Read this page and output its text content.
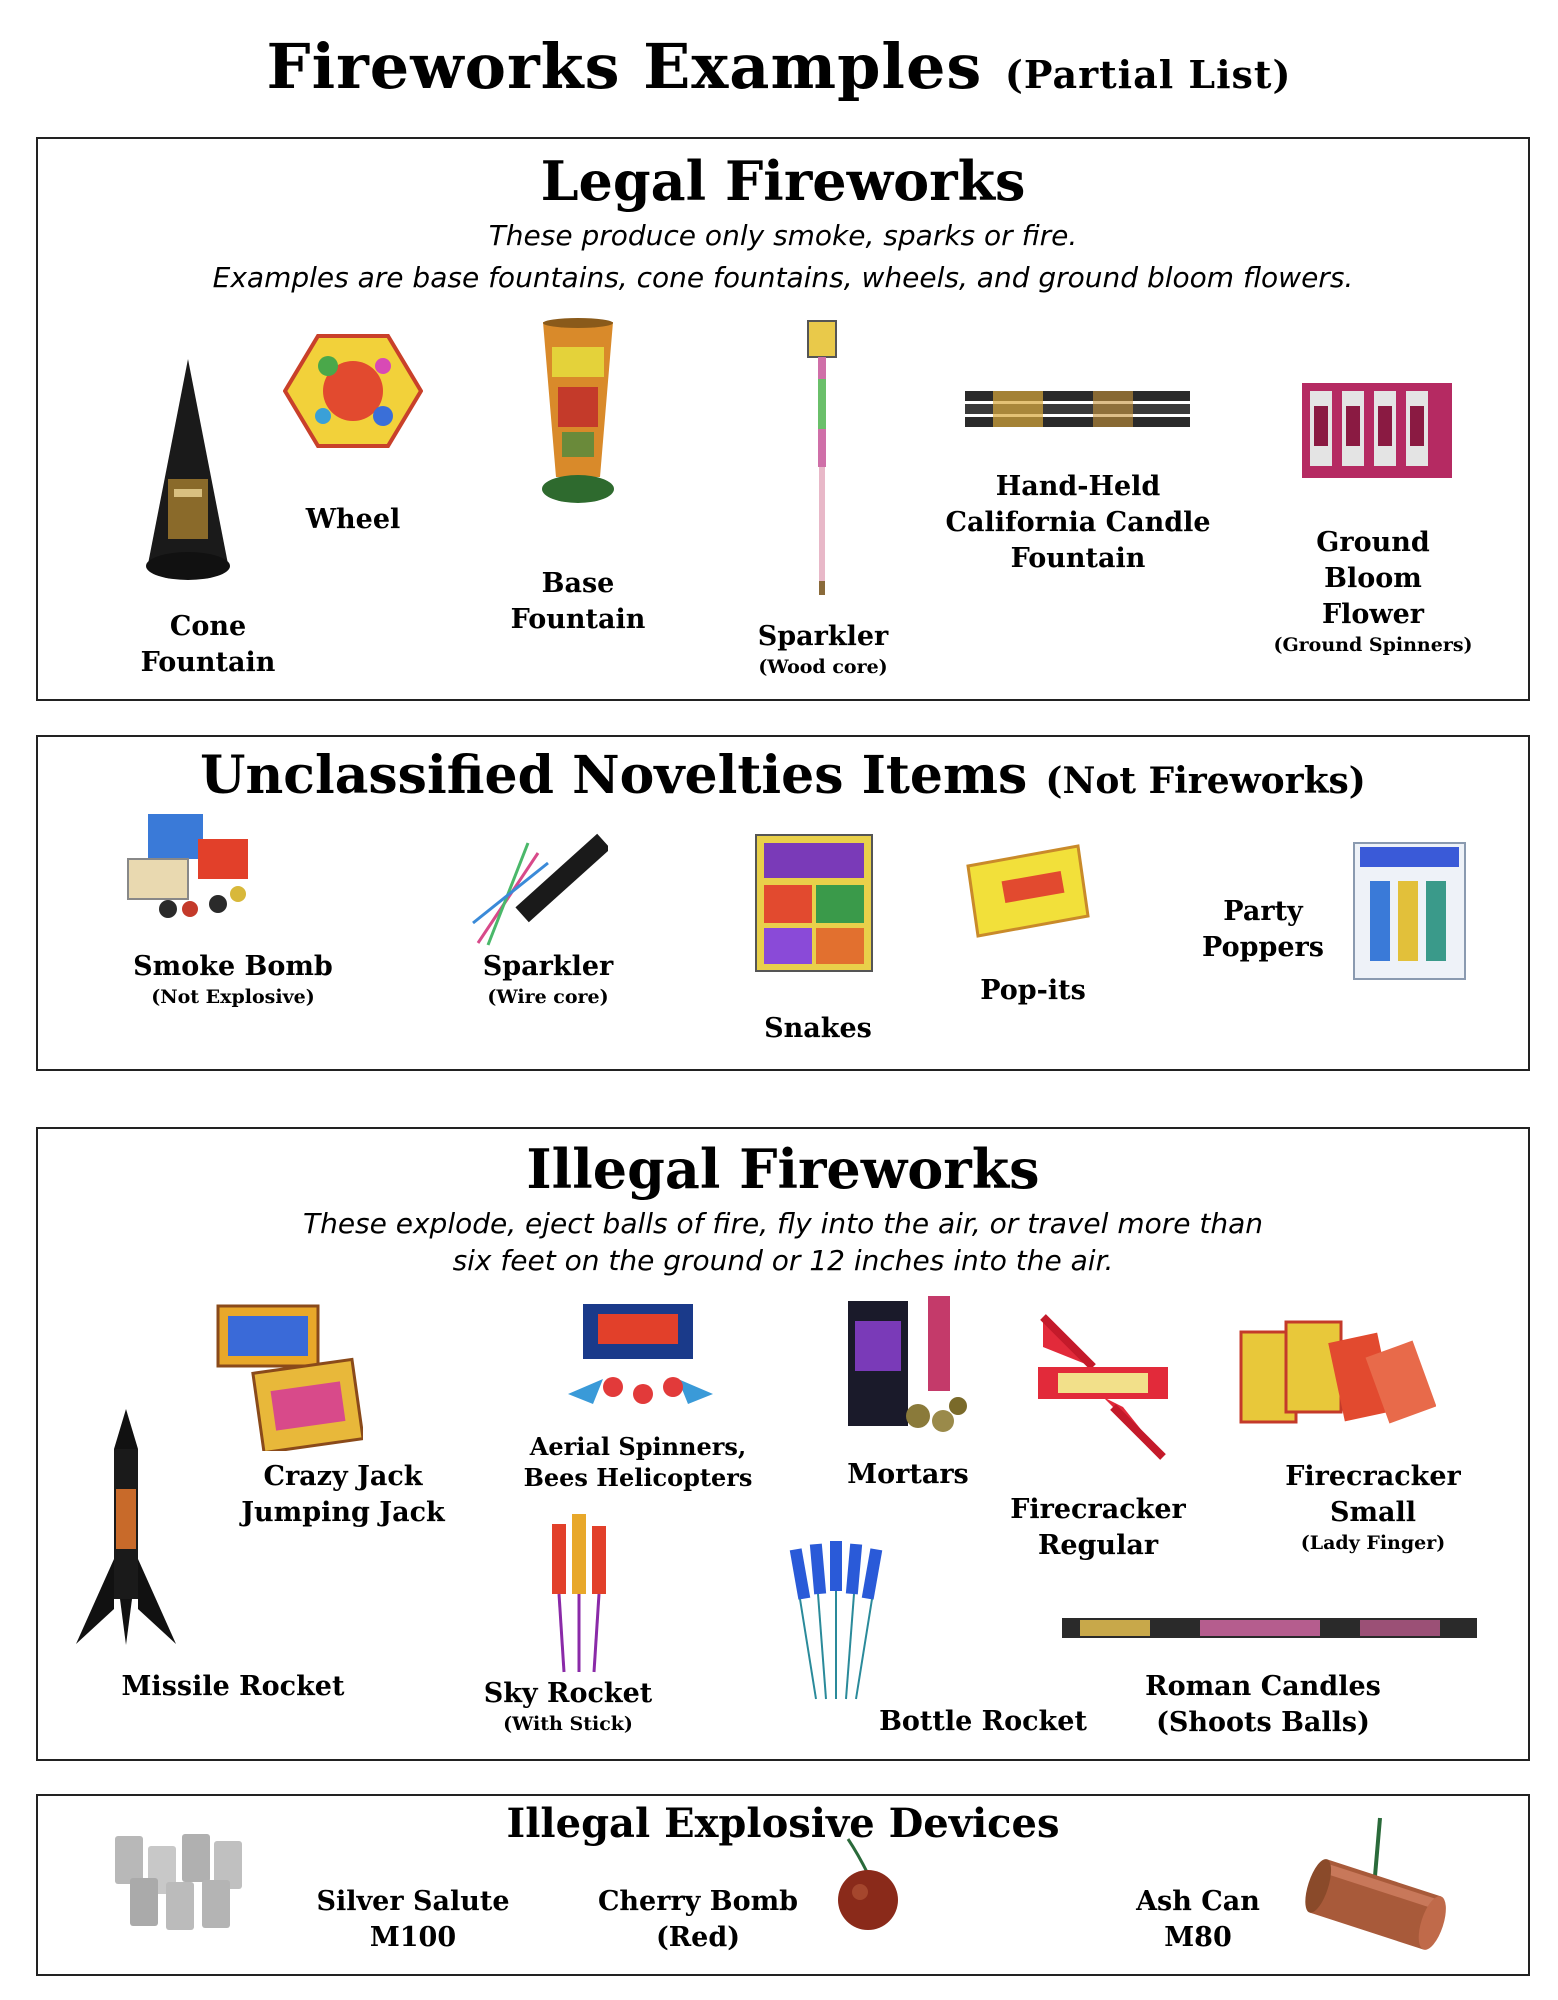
Fireworks Examples (Partial List)
Legal Fireworks
These produce only smoke, sparks or fire.
Examples are base fountains, cone fountains, wheels, and ground bloom flowers.
Cone
Fountain
Wheel
Base
Fountain
Sparkler
(Wood core)
Hand-Held
California Candle
Fountain
Ground
Bloom
Flower
(Ground Spinners)
Unclassified Novelties Items (Not Fireworks)
Smoke Bomb
(Not Explosive)
Sparkler
(Wire core)
Snakes
Pop-its
Party
Poppers
Illegal Fireworks
These explode, eject balls of fire, fly into the air, or travel more than
six feet on the ground or 12 inches into the air.
Crazy Jack
Jumping Jack
Aerial Spinners,
Bees Helicopters	Mortars
Firecracker
Regular
Firecracker
Small
(Lady Finger)
Missile Rocket	Sky Rocket
(With Stick)	Bottle Rocket
Roman Candles
(Shoots Balls)
Illegal Explosive Devices
Silver Salute
M100
Cherry Bomb
(Red)
Ash Can
M80
